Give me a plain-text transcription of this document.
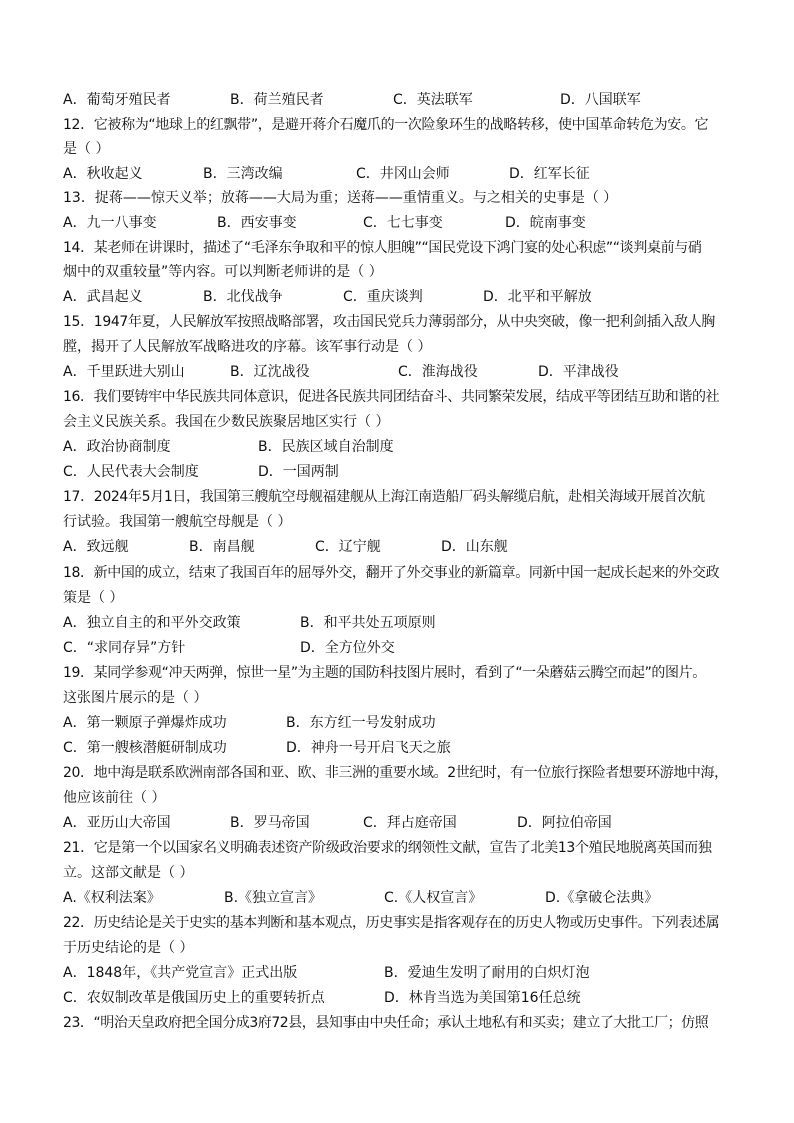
A．葡萄牙殖民者	B．荷兰殖民者	C．英法联军	D．八国联军
12．它被称为“地球上的红飘带”，是避开蒋介石魔爪的一次险象环生的战略转移，使中国革命转危为安。它
是（ ）
A．秋收起义	B．三湾改编	C．井冈山会师	D．红军长征
13．捉蒋——惊天义举；放蒋——大局为重；送蒋——重情重义。与之相关的史事是（ ）
A．九一八事变	B．西安事变	C．七七事变	D．皖南事变
14．某老师在讲课时，描述了“毛泽东争取和平的惊人胆魄”“国民党设下鸿门宴的处心积虑”“谈判桌前与硝
烟中的双重较量”等内容。可以判断老师讲的是（ ）
A．武昌起义	B．北伐战争	C．重庆谈判	D．北平和平解放
15．1947年夏，人民解放军按照战略部署，攻击国民党兵力薄弱部分，从中央突破，像一把利剑插入敌人胸
膛，揭开了人民解放军战略进攻的序幕。该军事行动是（ ）
A．千里跃进大别山	B．辽沈战役	C．淮海战役	D．平津战役
16．我们要铸牢中华民族共同体意识，促进各民族共同团结奋斗、共同繁荣发展，结成平等团结互助和谐的社
会主义民族关系。我国在少数民族聚居地区实行（ ）
A．政治协商制度	B．民族区域自治制度
C．人民代表大会制度	D．一国两制
17．2024年5月1日，我国第三艘航空母舰福建舰从上海江南造船厂码头解缆启航，赴相关海域开展首次航
行试验。我国第一艘航空母舰是（ ）
A．致远舰	B．南昌舰	C．辽宁舰	D．山东舰
18．新中国的成立，结束了我国百年的屈辱外交，翻开了外交事业的新篇章。同新中国一起成长起来的外交政
策是（ ）
A．独立自主的和平外交政策	B．和平共处五项原则
C．“求同存异”方针	D．全方位外交
19．某同学参观“冲天两弹，惊世一星”为主题的国防科技图片展时，看到了“一朵蘑菇云腾空而起”的图片。
这张图片展示的是（ ）
A．第一颗原子弹爆炸成功	B．东方红一号发射成功
C．第一艘核潜艇研制成功	D．神舟一号开启飞天之旅
20．地中海是联系欧洲南部各国和亚、欧、非三洲的重要水域。2世纪时，有一位旅行探险者想要环游地中海，
他应该前往（ ）
A．亚历山大帝国	B．罗马帝国	C．拜占庭帝国	D．阿拉伯帝国
21．它是第一个以国家名义明确表述资产阶级政治要求的纲领性文献，宣告了北美13个殖民地脱离英国而独
立。这部文献是（ ）
A.《权利法案》	B.《独立宣言》	C.《人权宣言》	D.《拿破仑法典》
22．历史结论是关于史实的基本判断和基本观点，历史事实是指客观存在的历史人物或历史事件。下列表述属
于历史结论的是（ ）
A．1848年，《共产党宣言》正式出版	B．爱迪生发明了耐用的白炽灯泡
C．农奴制改革是俄国历史上的重要转折点	D．林肯当选为美国第16任总统
23．“明治天皇政府把全国分成3府72县，县知事由中央任命；承认土地私有和买卖；建立了大批工厂；仿照
